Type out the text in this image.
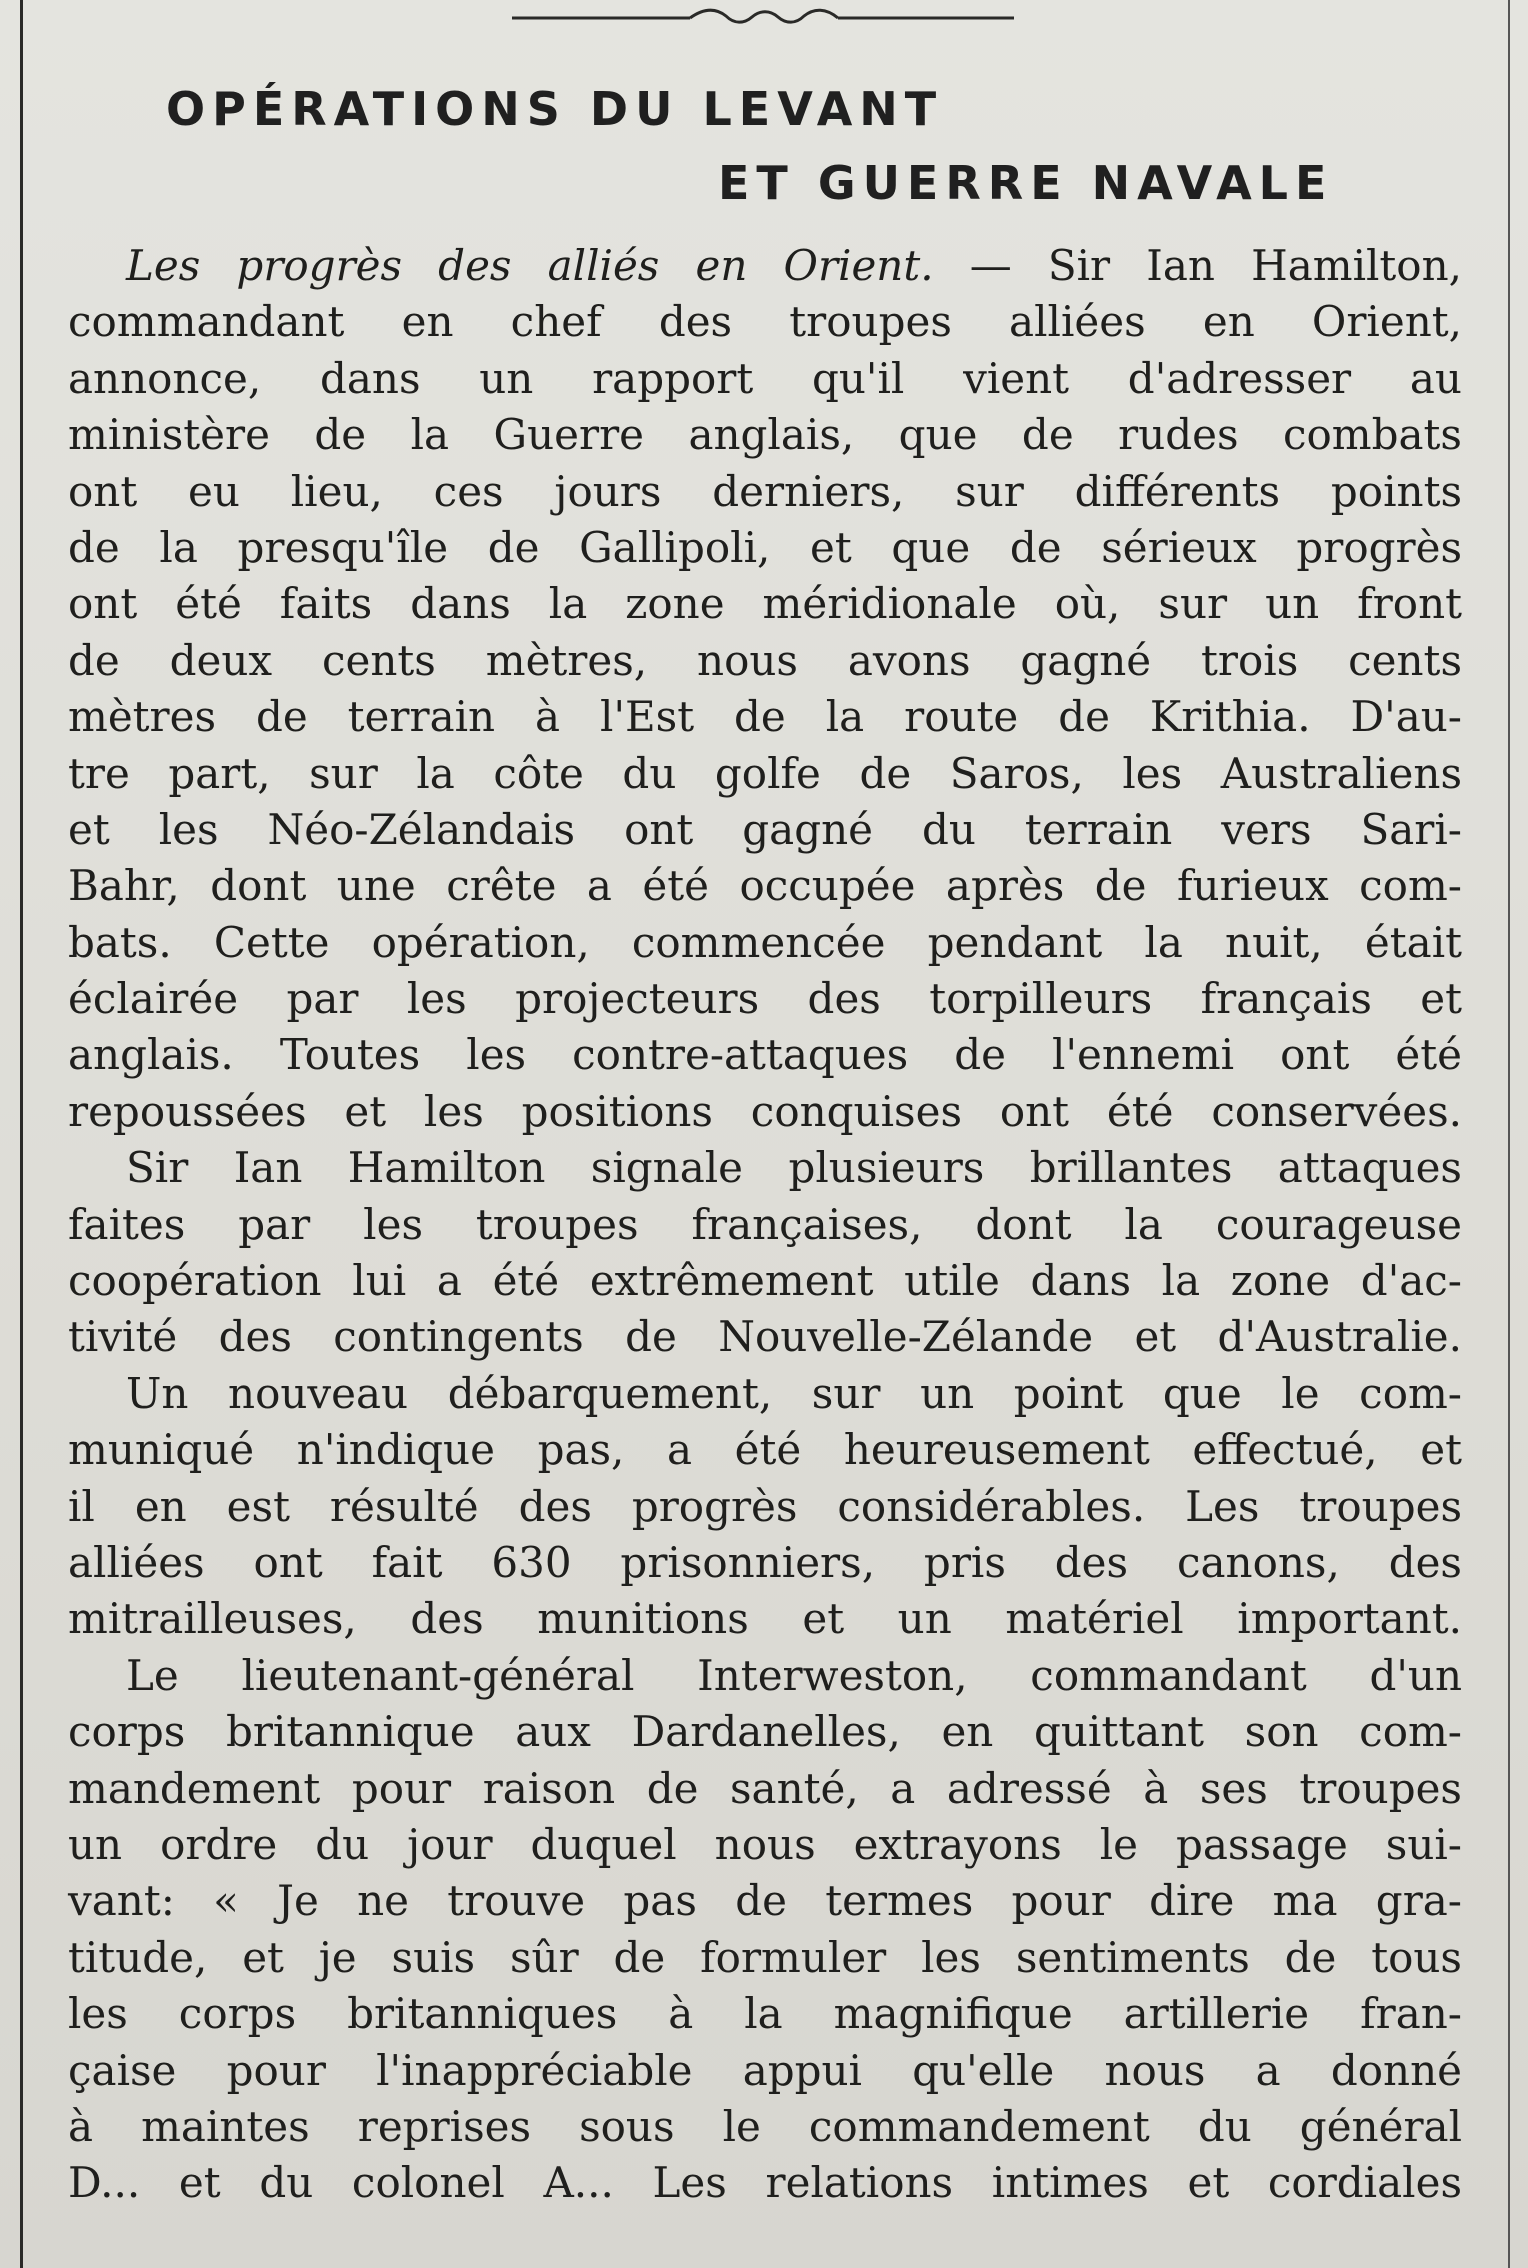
OPÉRATIONS DU LEVANT
ET GUERRE NAVALE
Les progrès des alliés en Orient. — Sir Ian Hamilton,
commandant en chef des troupes alliées en Orient,
annonce, dans un rapport qu'il vient d'adresser au
ministère de la Guerre anglais, que de rudes combats
ont eu lieu, ces jours derniers, sur différents points
de la presqu'île de Gallipoli, et que de sérieux progrès
ont été faits dans la zone méridionale où, sur un front
de deux cents mètres, nous avons gagné trois cents
mètres de terrain à l'Est de la route de Krithia. D'au-
tre part, sur la côte du golfe de Saros, les Australiens
et les Néo-Zélandais ont gagné du terrain vers Sari-
Bahr, dont une crête a été occupée après de furieux com-
bats. Cette opération, commencée pendant la nuit, était
éclairée par les projecteurs des torpilleurs français et
anglais. Toutes les contre-attaques de l'ennemi ont été
repoussées et les positions conquises ont été conservées.
Sir Ian Hamilton signale plusieurs brillantes attaques
faites par les troupes françaises, dont la courageuse
coopération lui a été extrêmement utile dans la zone d'ac-
tivité des contingents de Nouvelle-Zélande et d'Australie.
Un nouveau débarquement, sur un point que le com-
muniqué n'indique pas, a été heureusement effectué, et
il en est résulté des progrès considérables. Les troupes
alliées ont fait 630 prisonniers, pris des canons, des
mitrailleuses, des munitions et un matériel important.
Le lieutenant-général Interweston, commandant d'un
corps britannique aux Dardanelles, en quittant son com-
mandement pour raison de santé, a adressé à ses troupes
un ordre du jour duquel nous extrayons le passage sui-
vant: « Je ne trouve pas de termes pour dire ma gra-
titude, et je suis sûr de formuler les sentiments de tous
les corps britanniques à la magnifique artillerie fran-
çaise pour l'inappréciable appui qu'elle nous a donné
à maintes reprises sous le commandement du général
D... et du colonel A... Les relations intimes et cordiales
